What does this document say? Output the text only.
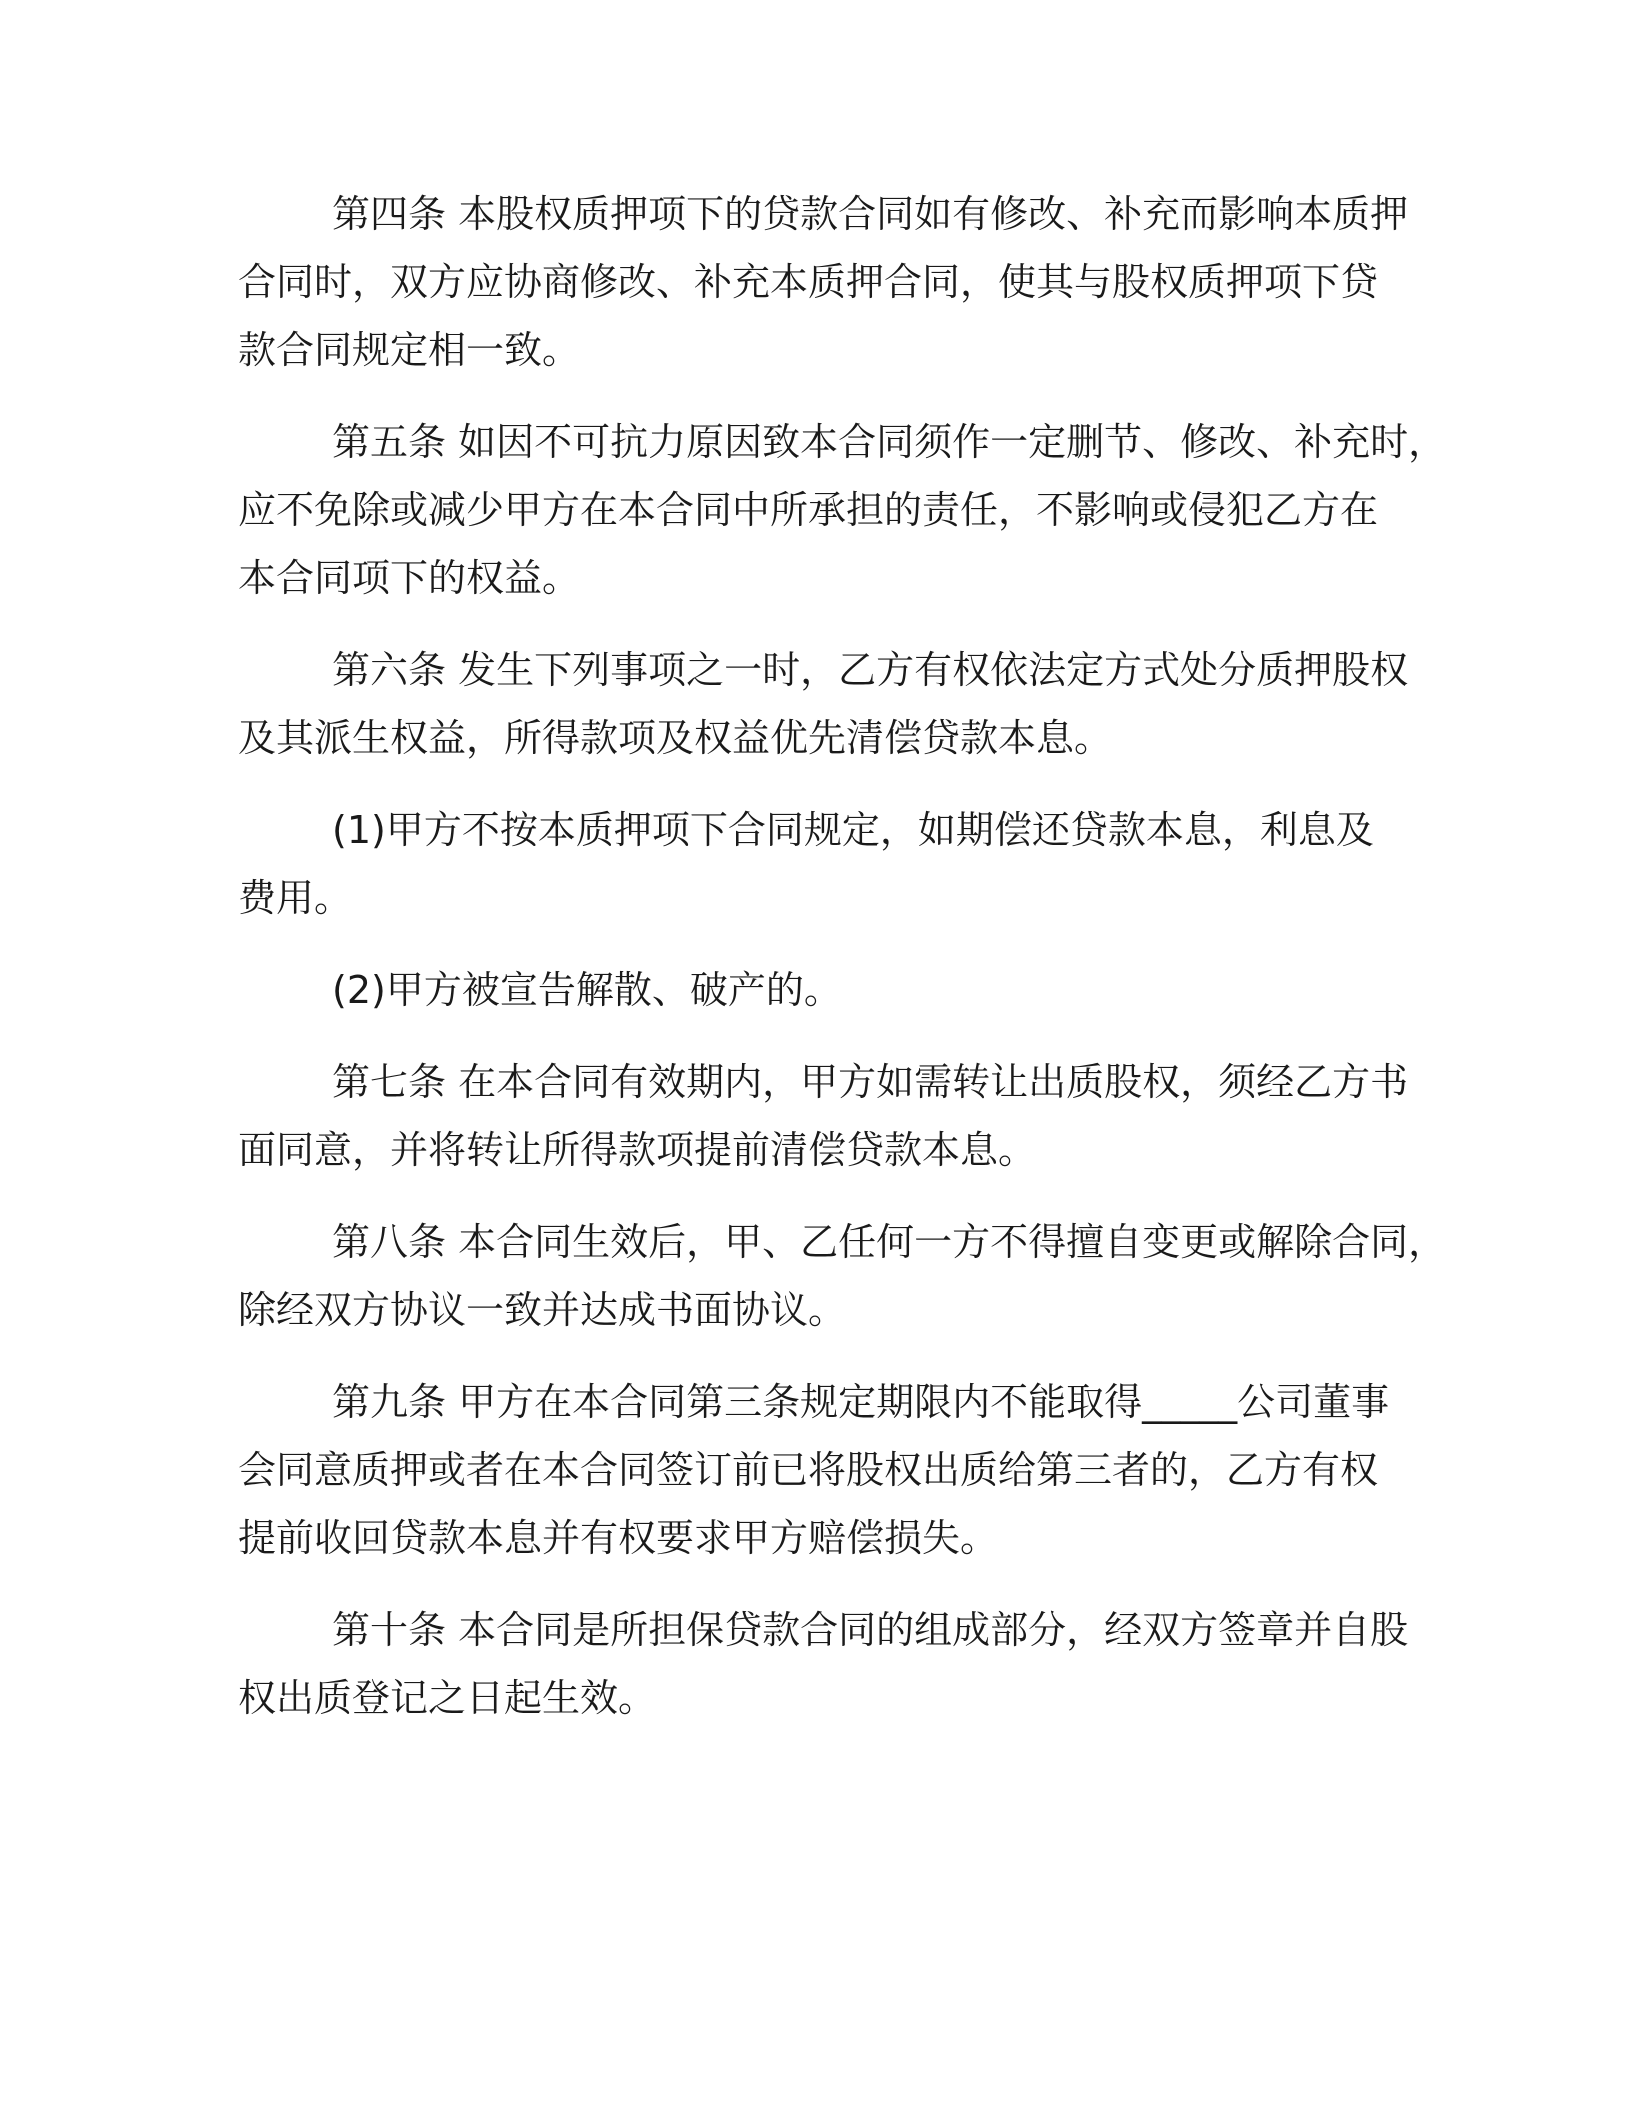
第四条 本股权质押项下的贷款合同如有修改、补充而影响本质押
合同时，双方应协商修改、补充本质押合同，使其与股权质押项下贷
款合同规定相一致。
第五条 如因不可抗力原因致本合同须作一定删节、修改、补充时，
应不免除或减少甲方在本合同中所承担的责任，不影响或侵犯乙方在
本合同项下的权益。
第六条 发生下列事项之一时，乙方有权依法定方式处分质押股权
及其派生权益，所得款项及权益优先清偿贷款本息。
(1)甲方不按本质押项下合同规定，如期偿还贷款本息，利息及
费用。
(2)甲方被宣告解散、破产的。
第七条 在本合同有效期内，甲方如需转让出质股权，须经乙方书
面同意，并将转让所得款项提前清偿贷款本息。
第八条 本合同生效后，甲、乙任何一方不得擅自变更或解除合同，
除经双方协议一致并达成书面协议。
第九条 甲方在本合同第三条规定期限内不能取得_____公司董事
会同意质押或者在本合同签订前已将股权出质给第三者的，乙方有权
提前收回贷款本息并有权要求甲方赔偿损失。
第十条 本合同是所担保贷款合同的组成部分，经双方签章并自股
权出质登记之日起生效。
